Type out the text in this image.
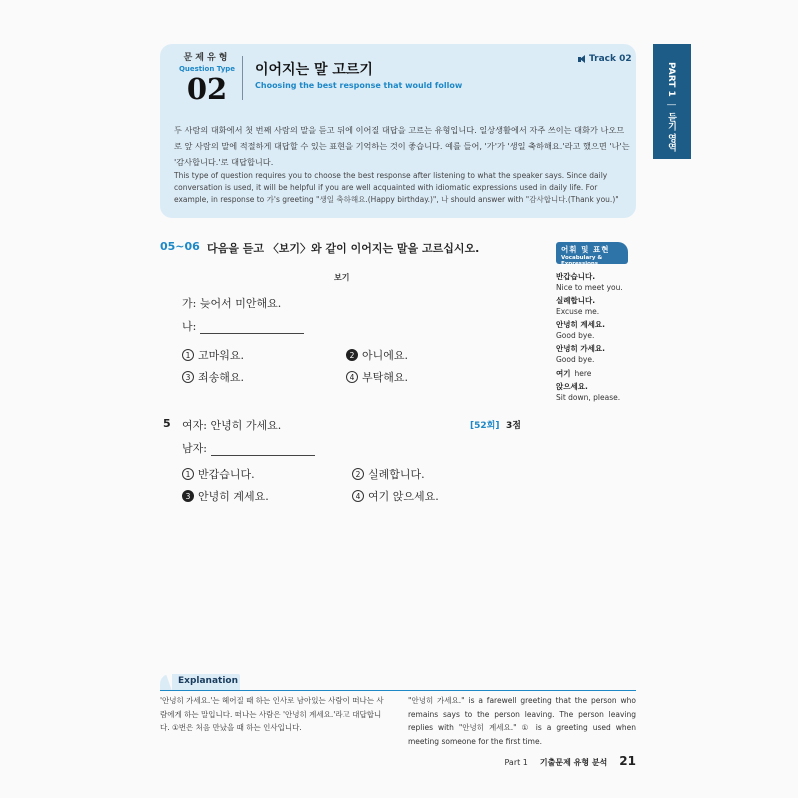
PART 1 | 듣기 영역
문제유형
Question Type
02
이어지는 말 고르기
Choosing the best response that would follow
Track 02
두 사람의 대화에서 첫 번째 사람의 말을 듣고 뒤에 이어질 대답을 고르는 유형입니다. 일상생활에서 자주 쓰이는 대화가 나오므로 앞 사람의 말에 적절하게 대답할 수 있는 표현을 기억하는 것이 좋습니다. 예를 들어, '가'가 '생일 축하해요.'라고 했으면 '나'는 '감사합니다.'로 대답합니다.
This type of question requires you to choose the best response after listening to what the speaker says. Since daily conversation is used, it will be helpful if you are well acquainted with idiomatic expressions used in daily life. For example, in response to 가's greeting "생일 축하해요.(Happy birthday.)", 나 should answer with "감사합니다.(Thank you.)"
05~06 다음을 듣고 〈보기〉와 같이 이어지는 말을 고르십시오.
보기
가: 늦어서 미안해요.
나:
1 고마워요.	2 아니에요.
3 죄송해요.	4 부탁해요.
5 여자: 안녕히 가세요.
남자:
[52회] 3점
1 반갑습니다.	2 실례합니다.
3 안녕히 계세요.	4 여기 앉으세요.
어휘 및 표현
Vocabulary & Expressions
반갑습니다.
Nice to meet you.
실례합니다.
Excuse me.
안녕히 계세요.
Good bye.
안녕히 가세요.
Good bye.
여기 here
앉으세요.
Sit down, please.
Explanation
'안녕히 가세요.'는 헤어질 때 하는 인사로 남아있는 사람이 떠나는 사람에게 하는 말입니다. 떠나는 사람은 '안녕히 계세요.'라고 대답합니다. ①번은 처음 만났을 때 하는 인사입니다.
"안녕히 가세요." is a farewell greeting that the person who remains says to the person leaving. The person leaving replies with "안녕히 계세요." ① is a greeting used when meeting someone for the first time.
Part 1 기출문제 유형 분석 21
